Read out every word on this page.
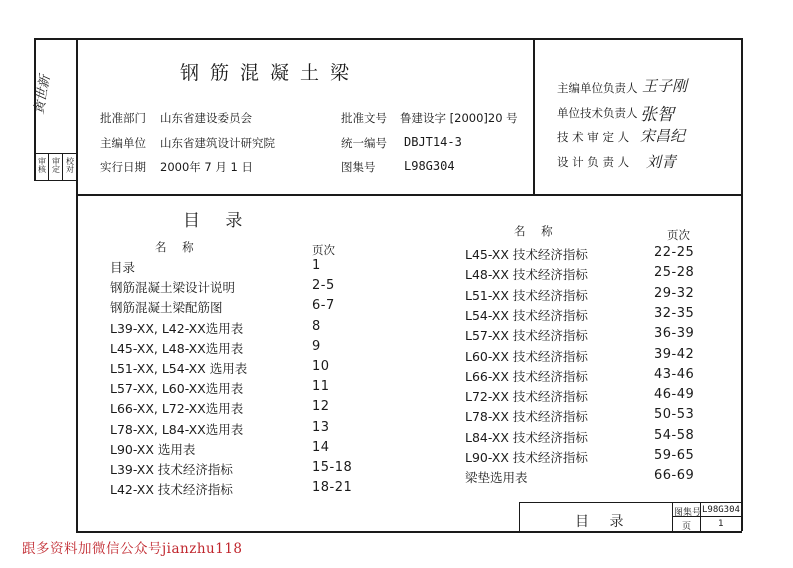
审核
审定
校对
黄世新
钢筋混凝土梁
批准部门 山东省建设委员会
主编单位 山东省建筑设计研究院
实行日期 2000年 7 月 1 日
批准文号 鲁建设字 [2000]20 号
统一编号 DBJT14-3
图集号 L98G304
主编单位负责人 王子刚
单位技术负责人 张智
技 术 审 定 人 宋昌纪
设 计 负 责 人 刘青
目 录
名 称	页次
名 称	页次
目录	1
钢筋混凝土梁设计说明	2-5
钢筋混凝土梁配筋图	6-7
L39-XX, L42-XX选用表	8
L45-XX, L48-XX选用表	9
L51-XX, L54-XX 选用表	10
L57-XX, L60-XX选用表	11
L66-XX, L72-XX选用表	12
L78-XX, L84-XX选用表	13
L90-XX 选用表	14
L39-XX 技术经济指标	15-18
L42-XX 技术经济指标	18-21
L45-XX 技术经济指标	22-25
L48-XX 技术经济指标	25-28
L51-XX 技术经济指标	29-32
L54-XX 技术经济指标	32-35
L57-XX 技术经济指标	36-39
L60-XX 技术经济指标	39-42
L66-XX 技术经济指标	43-46
L72-XX 技术经济指标	46-49
L78-XX 技术经济指标	50-53
L84-XX 技术经济指标	54-58
L90-XX 技术经济指标	59-65
梁垫选用表	66-69
目 录
图集号 L98G304
页	1
跟多资料加微信公众号jianzhu118
